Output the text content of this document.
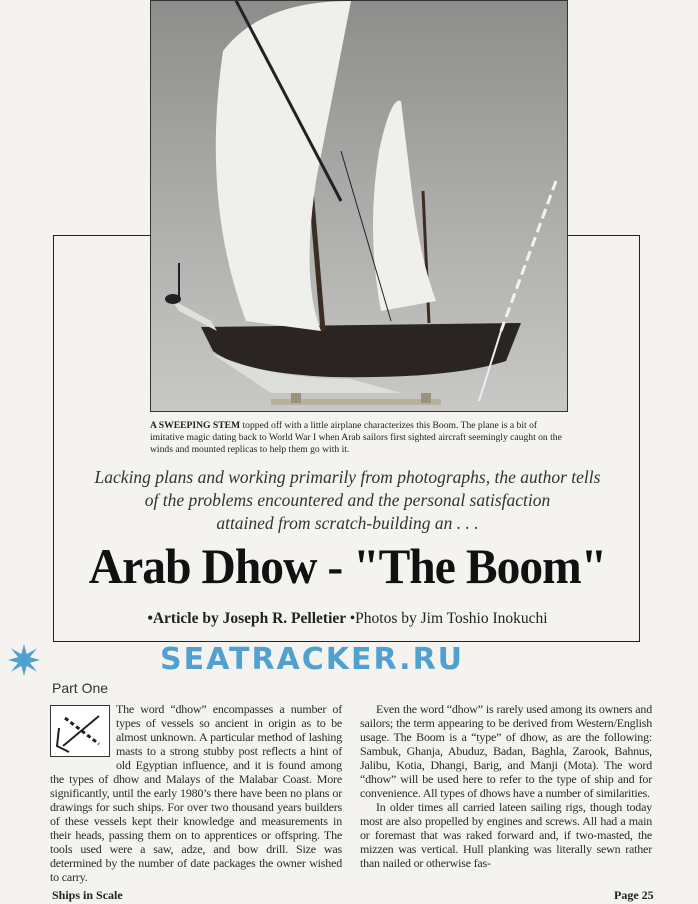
A SWEEPING STEM topped off with a little airplane characterizes this Boom. The plane is a bit of imitative magic dating back to World War I when Arab sailors first sighted aircraft seemingly caught on the winds and mounted replicas to help them go with it.
Lacking plans and working primarily from photographs, the author tells
of the problems encountered and the personal satisfaction
attained from scratch-building an . . .
Arab Dhow - "The Boom"
•Article by Joseph R. Pelletier •Photos by Jim Toshio Inokuchi
SEATRACKER.RU
Part One

The word “dhow” encompasses a number of types of vessels so ancient in origin as to be almost unknown. A particular method of lashing masts to a strong stubby post reflects a hint of old Egyptian influence, and it is found among the types of dhow and Malays of the Malabar Coast. More significantly, until the early 1980’s there have been no plans or drawings for such ships. For over two thousand years builders of these vessels kept their knowledge and measurements in their heads, passing them on to apprentices or offspring. The tools used were a saw, adze, and bow drill. Size was determined by the number of date packages the owner wished to carry.

Even the word “dhow” is rarely used among its owners and sailors; the term appearing to be derived from Western/English usage. The Boom is a “type” of dhow, as are the following: Sambuk, Ghanja, Abuduz, Badan, Baghla, Zarook, Bahnus, Jalibu, Kotia, Dhangi, Barig, and Manji (Mota). The word “dhow” will be used here to refer to the type of ship and for convenience. All types of dhows have a number of similarities.

In older times all carried lateen sailing rigs, though today most are also propelled by engines and screws. All had a main or foremast that was raked forward and, if two-masted, the mizzen was vertical. Hull planking was literally sewn rather than nailed or otherwise fas-

Ships in Scale	Page 25
